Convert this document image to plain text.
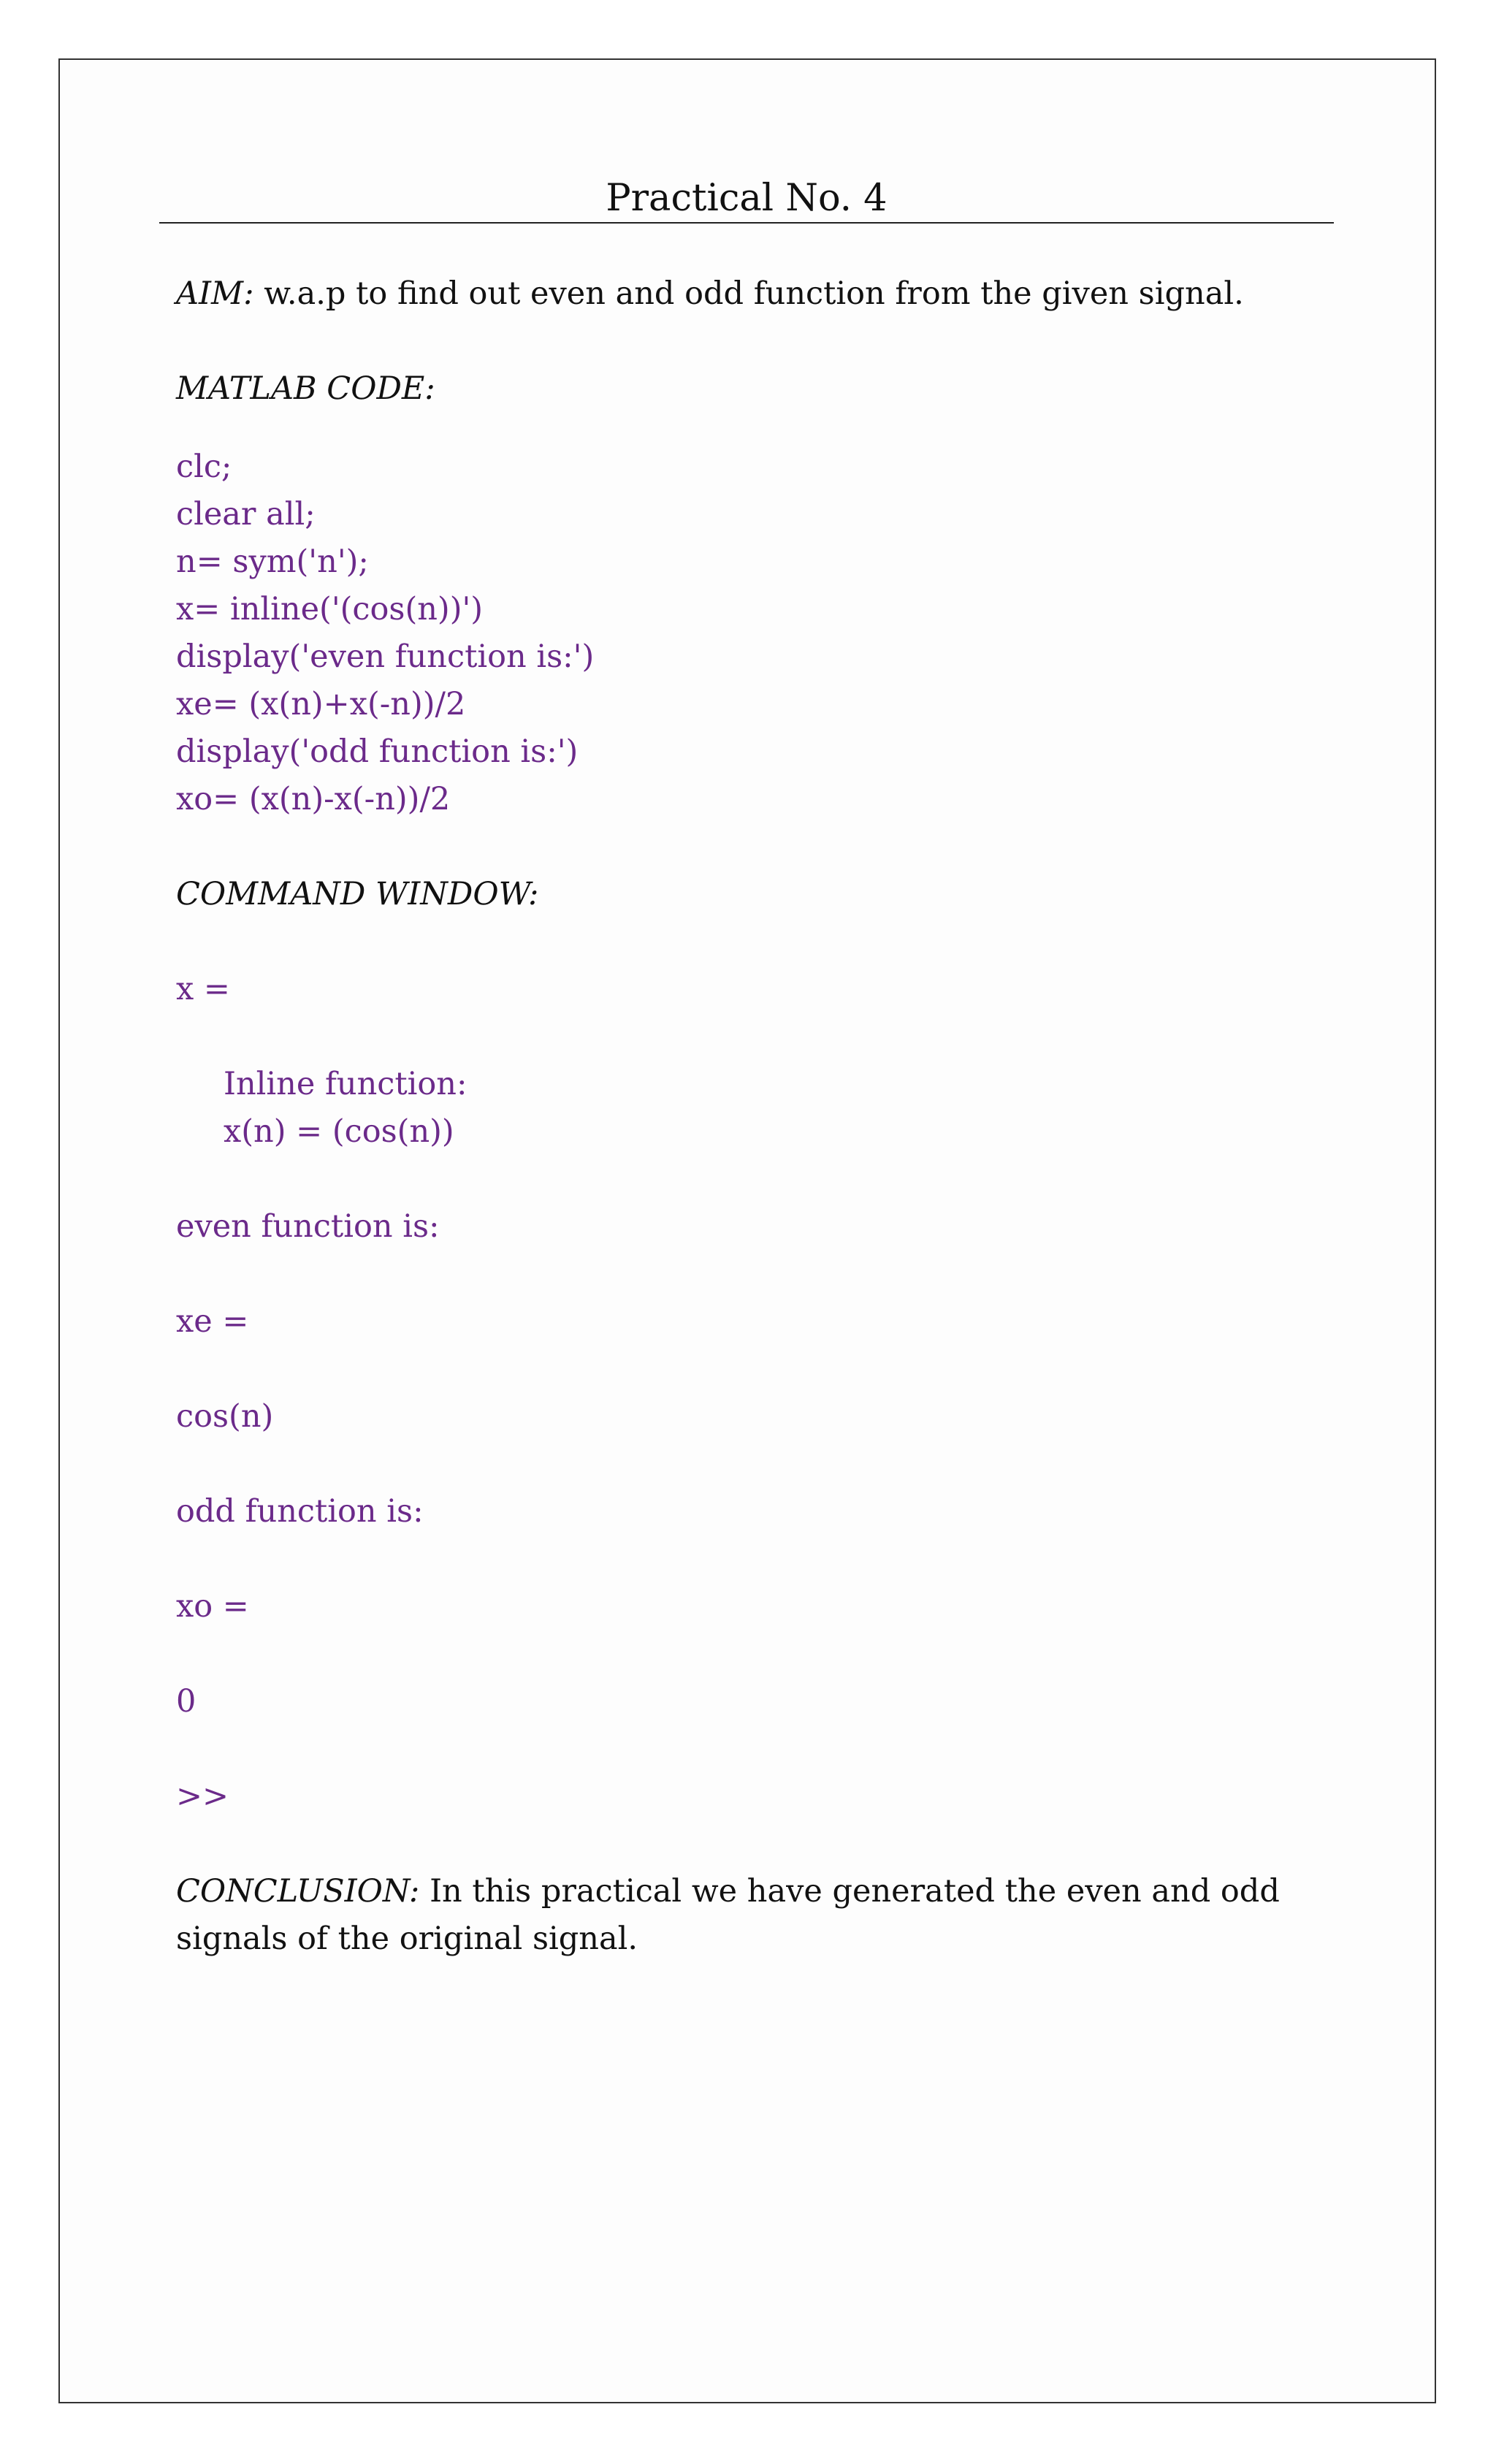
Practical No. 4
AIM: w.a.p to find out even and odd function from the given signal.
MATLAB CODE:
clc;
clear all;
n= sym('n');
x= inline('(cos(n))')
display('even function is:')
xe= (x(n)+x(-n))/2
display('odd function is:')
xo= (x(n)-x(-n))/2
COMMAND WINDOW:
x =
Inline function:
x(n) = (cos(n))
even function is:
xe =
cos(n)
odd function is:
xo =
0
>>
CONCLUSION: In this practical we have generated the even and odd signals of the original signal.
